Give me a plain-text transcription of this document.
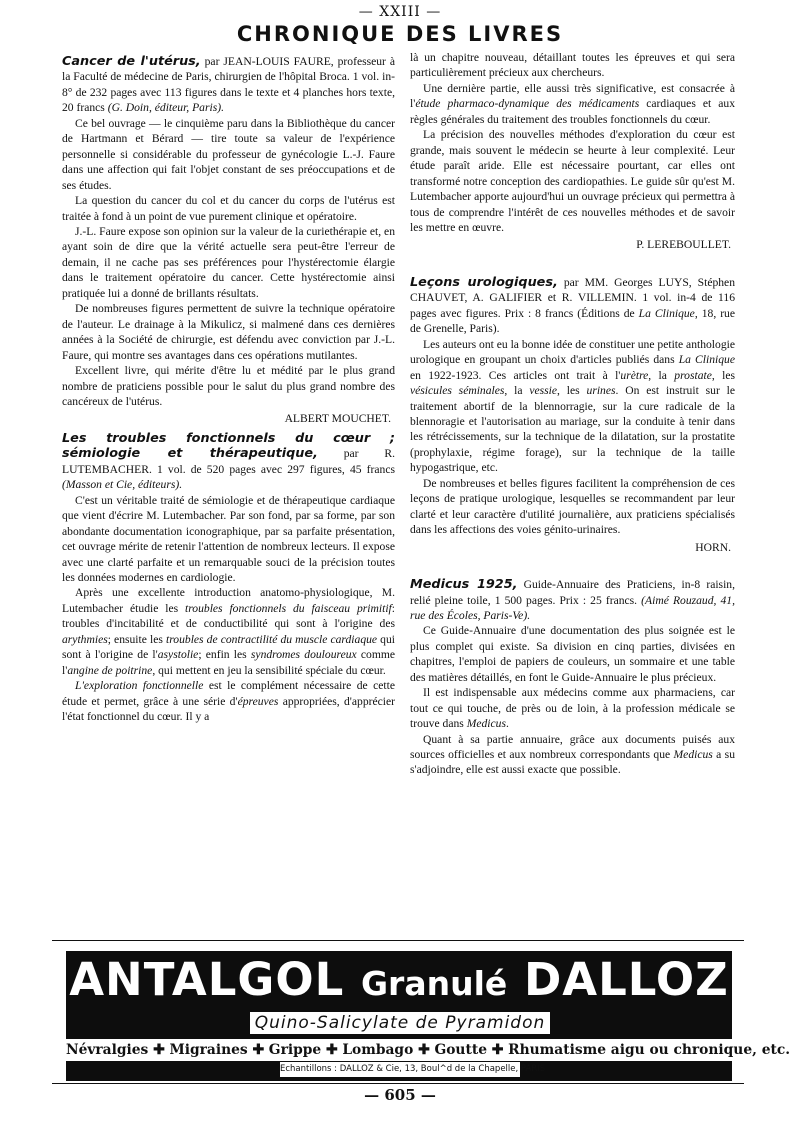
— XXIII —
CHRONIQUE DES LIVRES

Cancer de l'utérus, par JEAN-LOUIS FAURE, professeur à la Faculté de médecine de Paris, chirurgien de l'hôpital Broca. 1 vol. in-8° de 232 pages avec 113 figures dans le texte et 4 planches hors texte, 20 francs (G. Doin, éditeur, Paris).

Ce bel ouvrage — le cinquième paru dans la Bibliothèque du cancer de Hartmann et Bérard — tire toute sa valeur de l'expérience personnelle si considérable du professeur de gynécologie L.-J. Faure dans une affection qui fait l'objet constant de ses préoccupations et de ses études.

La question du cancer du col et du cancer du corps de l'utérus est traitée à fond à un point de vue purement clinique et opératoire.

J.-L. Faure expose son opinion sur la valeur de la curiethérapie et, en ayant soin de dire que la vérité actuelle sera peut-être l'erreur de demain, il ne cache pas ses préférences pour l'hystérectomie élargie dans le traitement opératoire du cancer. Cette hystérectomie ainsi pratiquée lui a donné de brillants résultats.

De nombreuses figures permettent de suivre la technique opératoire de l'auteur. Le drainage à la Mikulicz, si malmené dans ces dernières années à la Société de chirurgie, est défendu avec conviction par J.-L. Faure, qui montre ses avantages dans ces opérations mutilantes.

Excellent livre, qui mérite d'être lu et médité par le plus grand nombre de praticiens possible pour le salut du plus grand nombre des cancéreux de l'utérus.

ALBERT MOUCHET.

Les troubles fonctionnels du cœur ; sémiologie et thérapeutique, par R. LUTEMBACHER. 1 vol. de 520 pages avec 297 figures, 45 francs (Masson et Cie, éditeurs).

C'est un véritable traité de sémiologie et de thérapeutique cardiaque que vient d'écrire M. Lutembacher. Par son fond, par sa forme, par son abondante documentation iconographique, par sa parfaite présentation, cet ouvrage mérite de retenir l'attention de nombreux lecteurs. Il expose avec une clarté parfaite et un remarquable souci de la précision toutes les données modernes en cardiologie.

Après une excellente introduction anatomo-physiologique, M. Lutembacher étudie les troubles fonctionnels du faisceau primitif: troubles d'incitabilité et de conductibilité qui sont à l'origine des arythmies; ensuite les troubles de contractilité du muscle cardiaque qui sont à l'origine de l'asystolie; enfin les syndromes douloureux comme l'angine de poitrine, qui mettent en jeu la sensibilité spéciale du cœur.

L'exploration fonctionnelle est le complément nécessaire de cette étude et permet, grâce à une série d'épreuves appropriées, d'apprécier l'état fonctionnel du cœur. Il y a

là un chapitre nouveau, détaillant toutes les épreuves et qui sera particulièrement précieux aux chercheurs.

Une dernière partie, elle aussi très significative, est consacrée à l'étude pharmaco-dynamique des médicaments cardiaques et aux règles générales du traitement des troubles fonctionnels du cœur.

La précision des nouvelles méthodes d'exploration du cœur est grande, mais souvent le médecin se heurte à leur complexité. Leur étude paraît aride. Elle est nécessaire pourtant, car elles ont transformé notre conception des cardiopathies. Le guide sûr qu'est M. Lutembacher apporte aujourd'hui un ouvrage précieux qui permettra à tous de comprendre l'intérêt de ces nouvelles méthodes et de savoir les mettre en œuvre.

P. LEREBOULLET.

Leçons urologiques, par MM. Georges LUYS, Stéphen CHAUVET, A. GALIFIER et R. VILLEMIN. 1 vol. in-4 de 116 pages avec figures. Prix : 8 francs (Éditions de La Clinique, 18, rue de Grenelle, Paris).

Les auteurs ont eu la bonne idée de constituer une petite anthologie urologique en groupant un choix d'articles publiés dans La Clinique en 1922-1923. Ces articles ont trait à l'urètre, la prostate, les vésicules séminales, la vessie, les urines. On est instruit sur le traitement abortif de la blennorragie, sur la cure radicale de la blennoragie et l'autorisation au mariage, sur la conduite à tenir dans les rétrécissements, sur la technique de la dilatation, sur la prostatite (prophylaxie, régime forage), sur la technique de la taille hypogastrique, etc.

De nombreuses et belles figures facilitent la compréhension de ces leçons de pratique urologique, lesquelles se recommandent par leur clarté et leur caractère d'utilité journalière, aux praticiens spécialisés dans les affections des voies génito-urinaires.

HORN.

Medicus 1925, Guide-Annuaire des Praticiens, in-8 raisin, relié pleine toile, 1 500 pages. Prix : 25 francs. (Aimé Rouzaud, 41, rue des Écoles, Paris-Ve).

Ce Guide-Annuaire d'une documentation des plus soignée est le plus complet qui existe. Sa division en cinq parties, divisées en chapitres, l'emploi de papiers de couleurs, un sommaire et une table des matières détaillés, en font le Guide-Annuaire le plus précieux.

Il est indispensable aux médecins comme aux pharmaciens, car tout ce qui touche, de près ou de loin, à la profession médicale se trouve dans Medicus.

Quant à sa partie annuaire, grâce aux documents puisés aux sources officielles et aux nombreux correspondants que Medicus a su s'adjoindre, elle est aussi exacte que possible.

ANTALGOL Granulé DALLOZ
Quino-Salicylate de Pyramidon
Névralgies ✚ Migraines ✚ Grippe ✚ Lombago ✚ Goutte ✚ Rhumatisme aigu ou chronique, etc.
Echantillons : DALLOZ & Cie, 13, Boul^d de la Chapelle, PARIS
— 605 —
